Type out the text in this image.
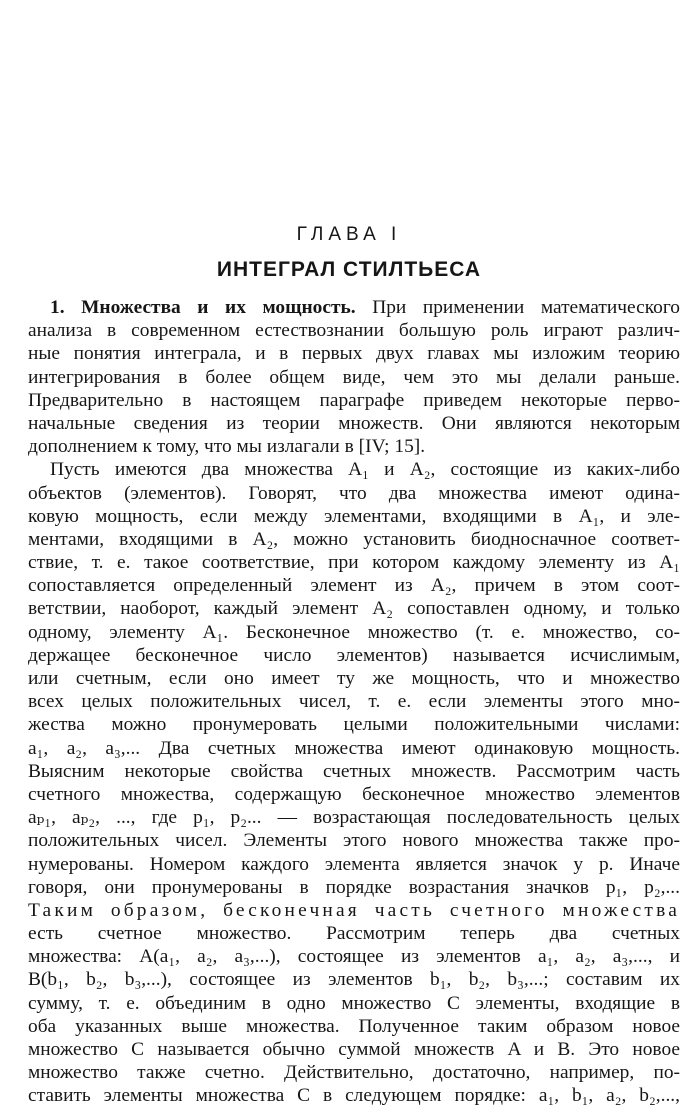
ГЛАВА I
ИНТЕГРАЛ СТИЛТЬЕСА
1. Множества и их мощность. При применении математического
анализа в современном естествознании большую роль играют различ-
ные понятия интеграла, и в первых двух главах мы изложим теорию
интегрирования в более общем виде, чем это мы делали раньше.
Предварительно в настоящем параграфе приведем некоторые перво-
начальные сведения из теории множеств. Они являются некоторым
дополнением к тому, что мы излагали в [IV; 15].
Пусть имеются два множества A₁ и A₂, состоящие из каких-либо
объектов (элементов). Говорят, что два множества имеют одина-
ковую мощность, если между элементами, входящими в A₁, и эле-
ментами, входящими в A₂, можно установить биодносначное соответ-
ствие, т. е. такое соответствие, при котором каждому элементу из A₁
сопоставляется определенный элемент из A₂, причем в этом соот-
ветствии, наоборот, каждый элемент A₂ сопоставлен одному, и только
одному, элементу A₁. Бесконечное множество (т. е. множество, со-
держащее бесконечное число элементов) называется исчислимым,
или счетным, если оно имеет ту же мощность, что и множество
всех целых положительных чисел, т. е. если элементы этого мно-
жества можно пронумеровать целыми положительными числами:
a₁, a₂, a₃,... Два счетных множества имеют одинаковую мощность.
Выясним некоторые свойства счетных множеств. Рассмотрим часть
счетного множества, содержащую бесконечное множество элементов
aₚ₁, aₚ₂, ..., где p₁, p₂... — возрастающая последовательность целых
положительных чисел. Элементы этого нового множества также про-
нумерованы. Номером каждого элемента является значок у p. Иначе
говоря, они пронумерованы в порядке возрастания значков p₁, p₂,...
Таким образом, бесконечная часть счетного множества
есть счетное множество. Рассмотрим теперь два счетных
множества: A(a₁, a₂, a₃,...), состоящее из элементов a₁, a₂, a₃,..., и
B(b₁, b₂, b₃,...), состоящее из элементов b₁, b₂, b₃,...; составим их
сумму, т. е. объединим в одно множество C элементы, входящие в
оба указанных выше множества. Полученное таким образом новое
множество C называется обычно суммой множеств A и B. Это новое
множество также счетно. Действительно, достаточно, например, по-
ставить элементы множества C в следующем порядке: a₁, b₁, a₂, b₂,...,
